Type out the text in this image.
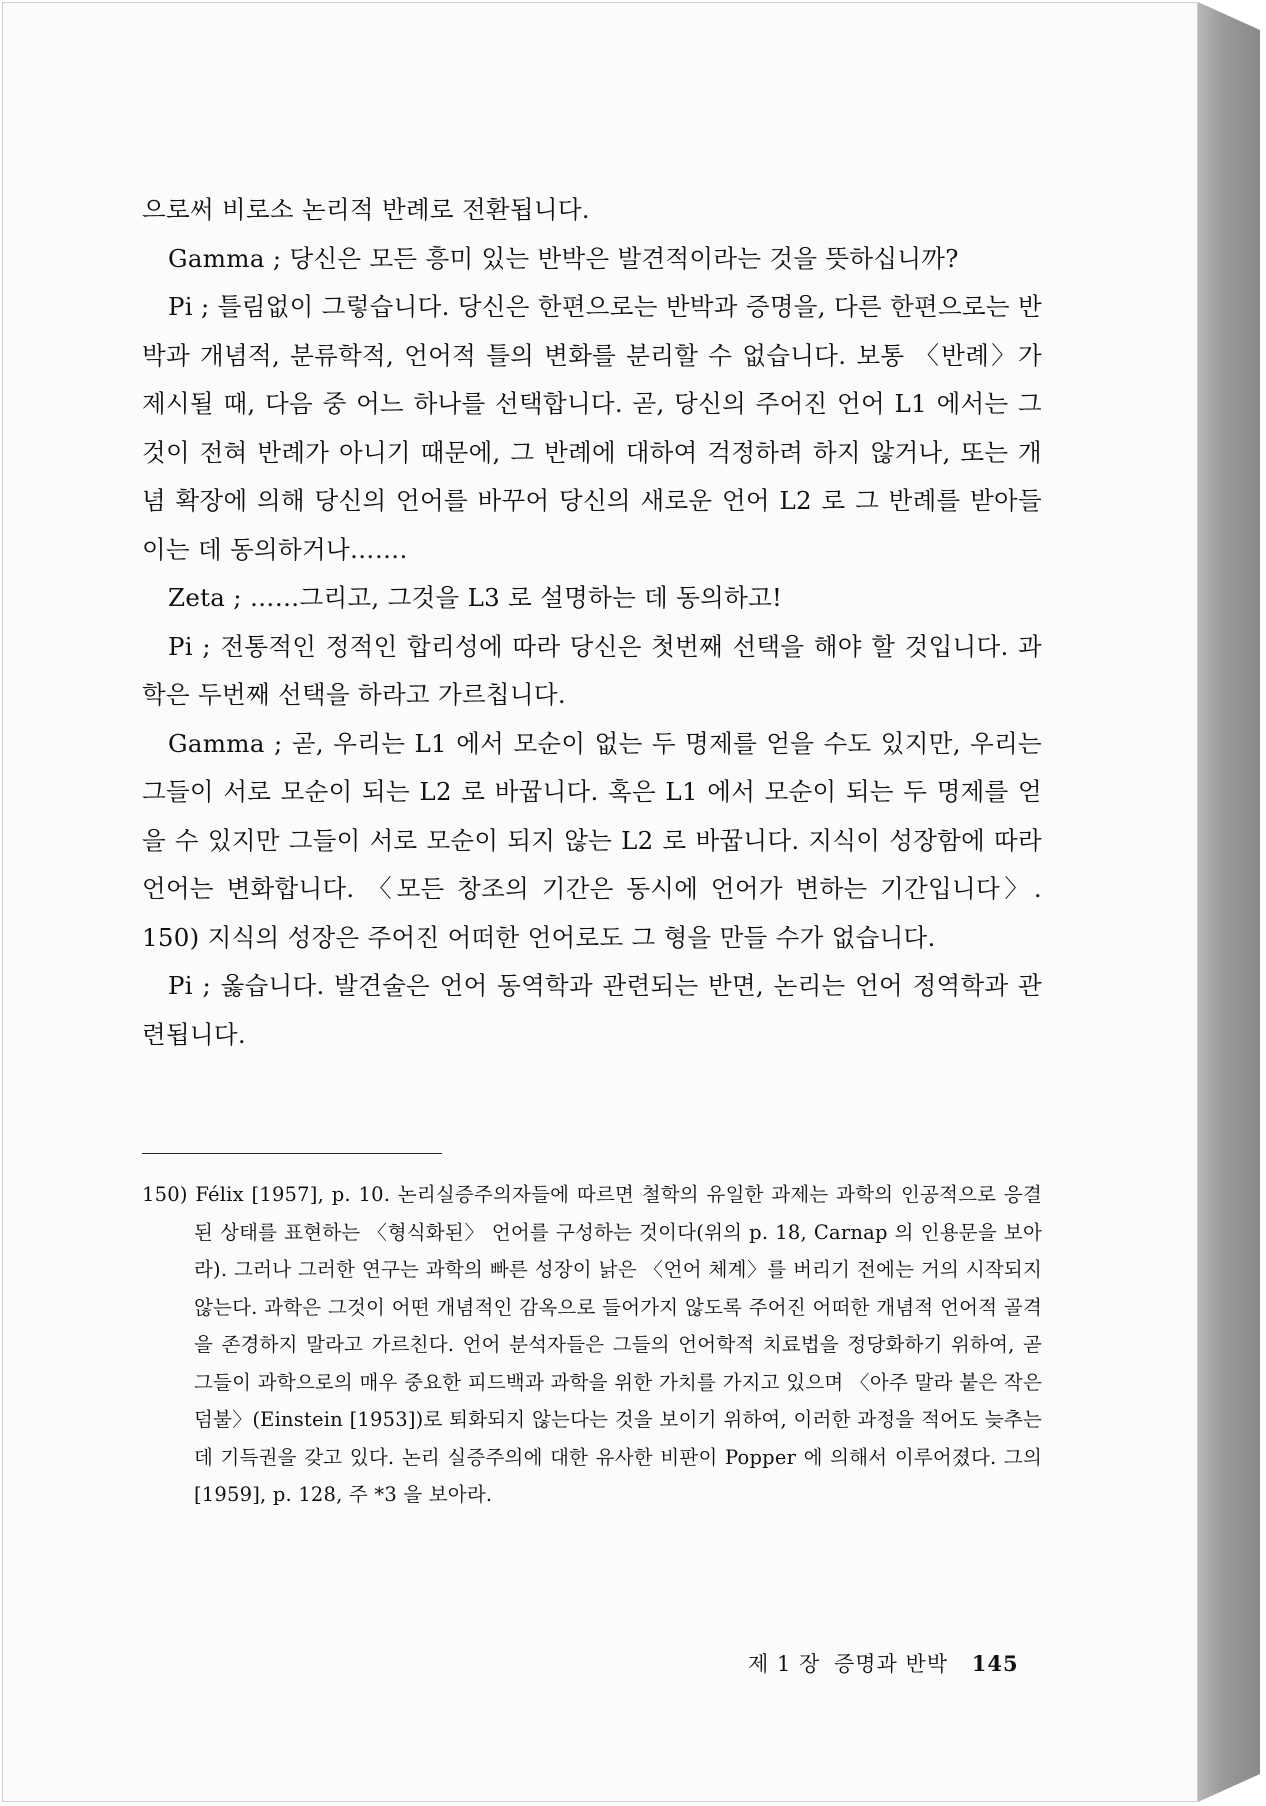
으로써 비로소 논리적 반례로 전환됩니다.

Gamma ; 당신은 모든 흥미 있는 반박은 발견적이라는 것을 뜻하십니까?

Pi ; 틀림없이 그렇습니다. 당신은 한편으로는 반박과 증명을, 다른 한편으로는 반박과 개념적, 분류학적, 언어적 틀의 변화를 분리할 수 없습니다. 보통 〈반례〉가 제시될 때, 다음 중 어느 하나를 선택합니다. 곧, 당신의 주어진 언어 L1 에서는 그것이 전혀 반례가 아니기 때문에, 그 반례에 대하여 걱정하려 하지 않거나, 또는 개념 확장에 의해 당신의 언어를 바꾸어 당신의 새로운 언어 L2 로 그 반례를 받아들이는 데 동의하거나…….

Zeta ; ……그리고, 그것을 L3 로 설명하는 데 동의하고!

Pi ; 전통적인 정적인 합리성에 따라 당신은 첫번째 선택을 해야 할 것입니다. 과학은 두번째 선택을 하라고 가르칩니다.

Gamma ; 곧, 우리는 L1 에서 모순이 없는 두 명제를 얻을 수도 있지만, 우리는 그들이 서로 모순이 되는 L2 로 바꿉니다. 혹은 L1 에서 모순이 되는 두 명제를 얻을 수 있지만 그들이 서로 모순이 되지 않는 L2 로 바꿉니다. 지식이 성장함에 따라 언어는 변화합니다. 〈모든 창조의 기간은 동시에 언어가 변하는 기간입니다〉. 150) 지식의 성장은 주어진 어떠한 언어로도 그 형을 만들 수가 없습니다.

Pi ; 옳습니다. 발견술은 언어 동역학과 관련되는 반면, 논리는 언어 정역학과 관련됩니다.

150) Félix [1957], p. 10. 논리실증주의자들에 따르면 철학의 유일한 과제는 과학의 인공적으로 응결된 상태를 표현하는 〈형식화된〉 언어를 구성하는 것이다(위의 p. 18, Carnap 의 인용문을 보아라). 그러나 그러한 연구는 과학의 빠른 성장이 낡은 〈언어 체계〉를 버리기 전에는 거의 시작되지 않는다. 과학은 그것이 어떤 개념적인 감옥으로 들어가지 않도록 주어진 어떠한 개념적 언어적 골격을 존경하지 말라고 가르친다. 언어 분석자들은 그들의 언어학적 치료법을 정당화하기 위하여, 곧 그들이 과학으로의 매우 중요한 피드백과 과학을 위한 가치를 가지고 있으며 〈아주 말라 붙은 작은 덤불〉(Einstein [1953])로 퇴화되지 않는다는 것을 보이기 위하여, 이러한 과정을 적어도 늦추는 데 기득권을 갖고 있다. 논리 실증주의에 대한 유사한 비판이 Popper 에 의해서 이루어졌다. 그의 [1959], p. 128, 주 *3 을 보아라.
제 1 장 증명과 반박 145
